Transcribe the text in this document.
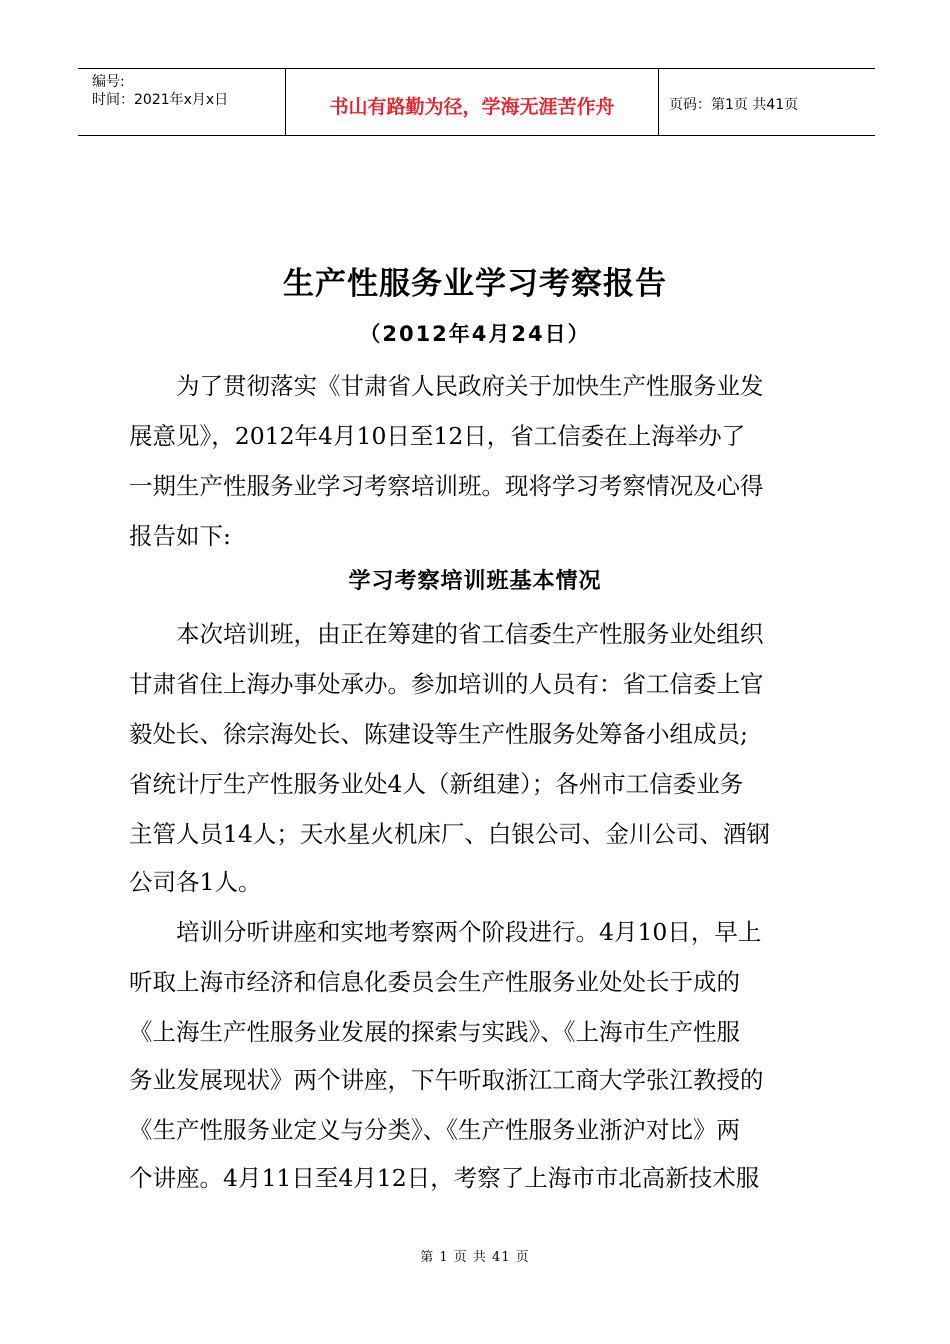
编号:
时间：2021年x月x日	书山有路勤为径，学海无涯苦作舟	页码：第1页 共41页
生产性服务业学习考察报告
（2012年4月24日）
为了贯彻落实《甘肃省人民政府关于加快生产性服务业发
展意见》，2012年4月10日至12日，省工信委在上海举办了
一期生产性服务业学习考察培训班。现将学习考察情况及心得
报告如下:
学习考察培训班基本情况
本次培训班，由正在筹建的省工信委生产性服务业处组织
甘肃省住上海办事处承办。参加培训的人员有：省工信委上官
毅处长、徐宗海处长、陈建设等生产性服务处筹备小组成员;
省统计厅生产性服务业处4人（新组建）；各州市工信委业务
主管人员14人；天水星火机床厂、白银公司、金川公司、酒钢
公司各1人。
培训分听讲座和实地考察两个阶段进行。4月10日，早上
听取上海市经济和信息化委员会生产性服务业处处长于成的
《上海生产性服务业发展的探索与实践》、《上海市生产性服
务业发展现状》两个讲座，下午听取浙江工商大学张江教授的
《生产性服务业定义与分类》、《生产性服务业浙沪对比》两
个讲座。4月11日至4月12日，考察了上海市市北高新技术服
第 1 页 共 41 页
